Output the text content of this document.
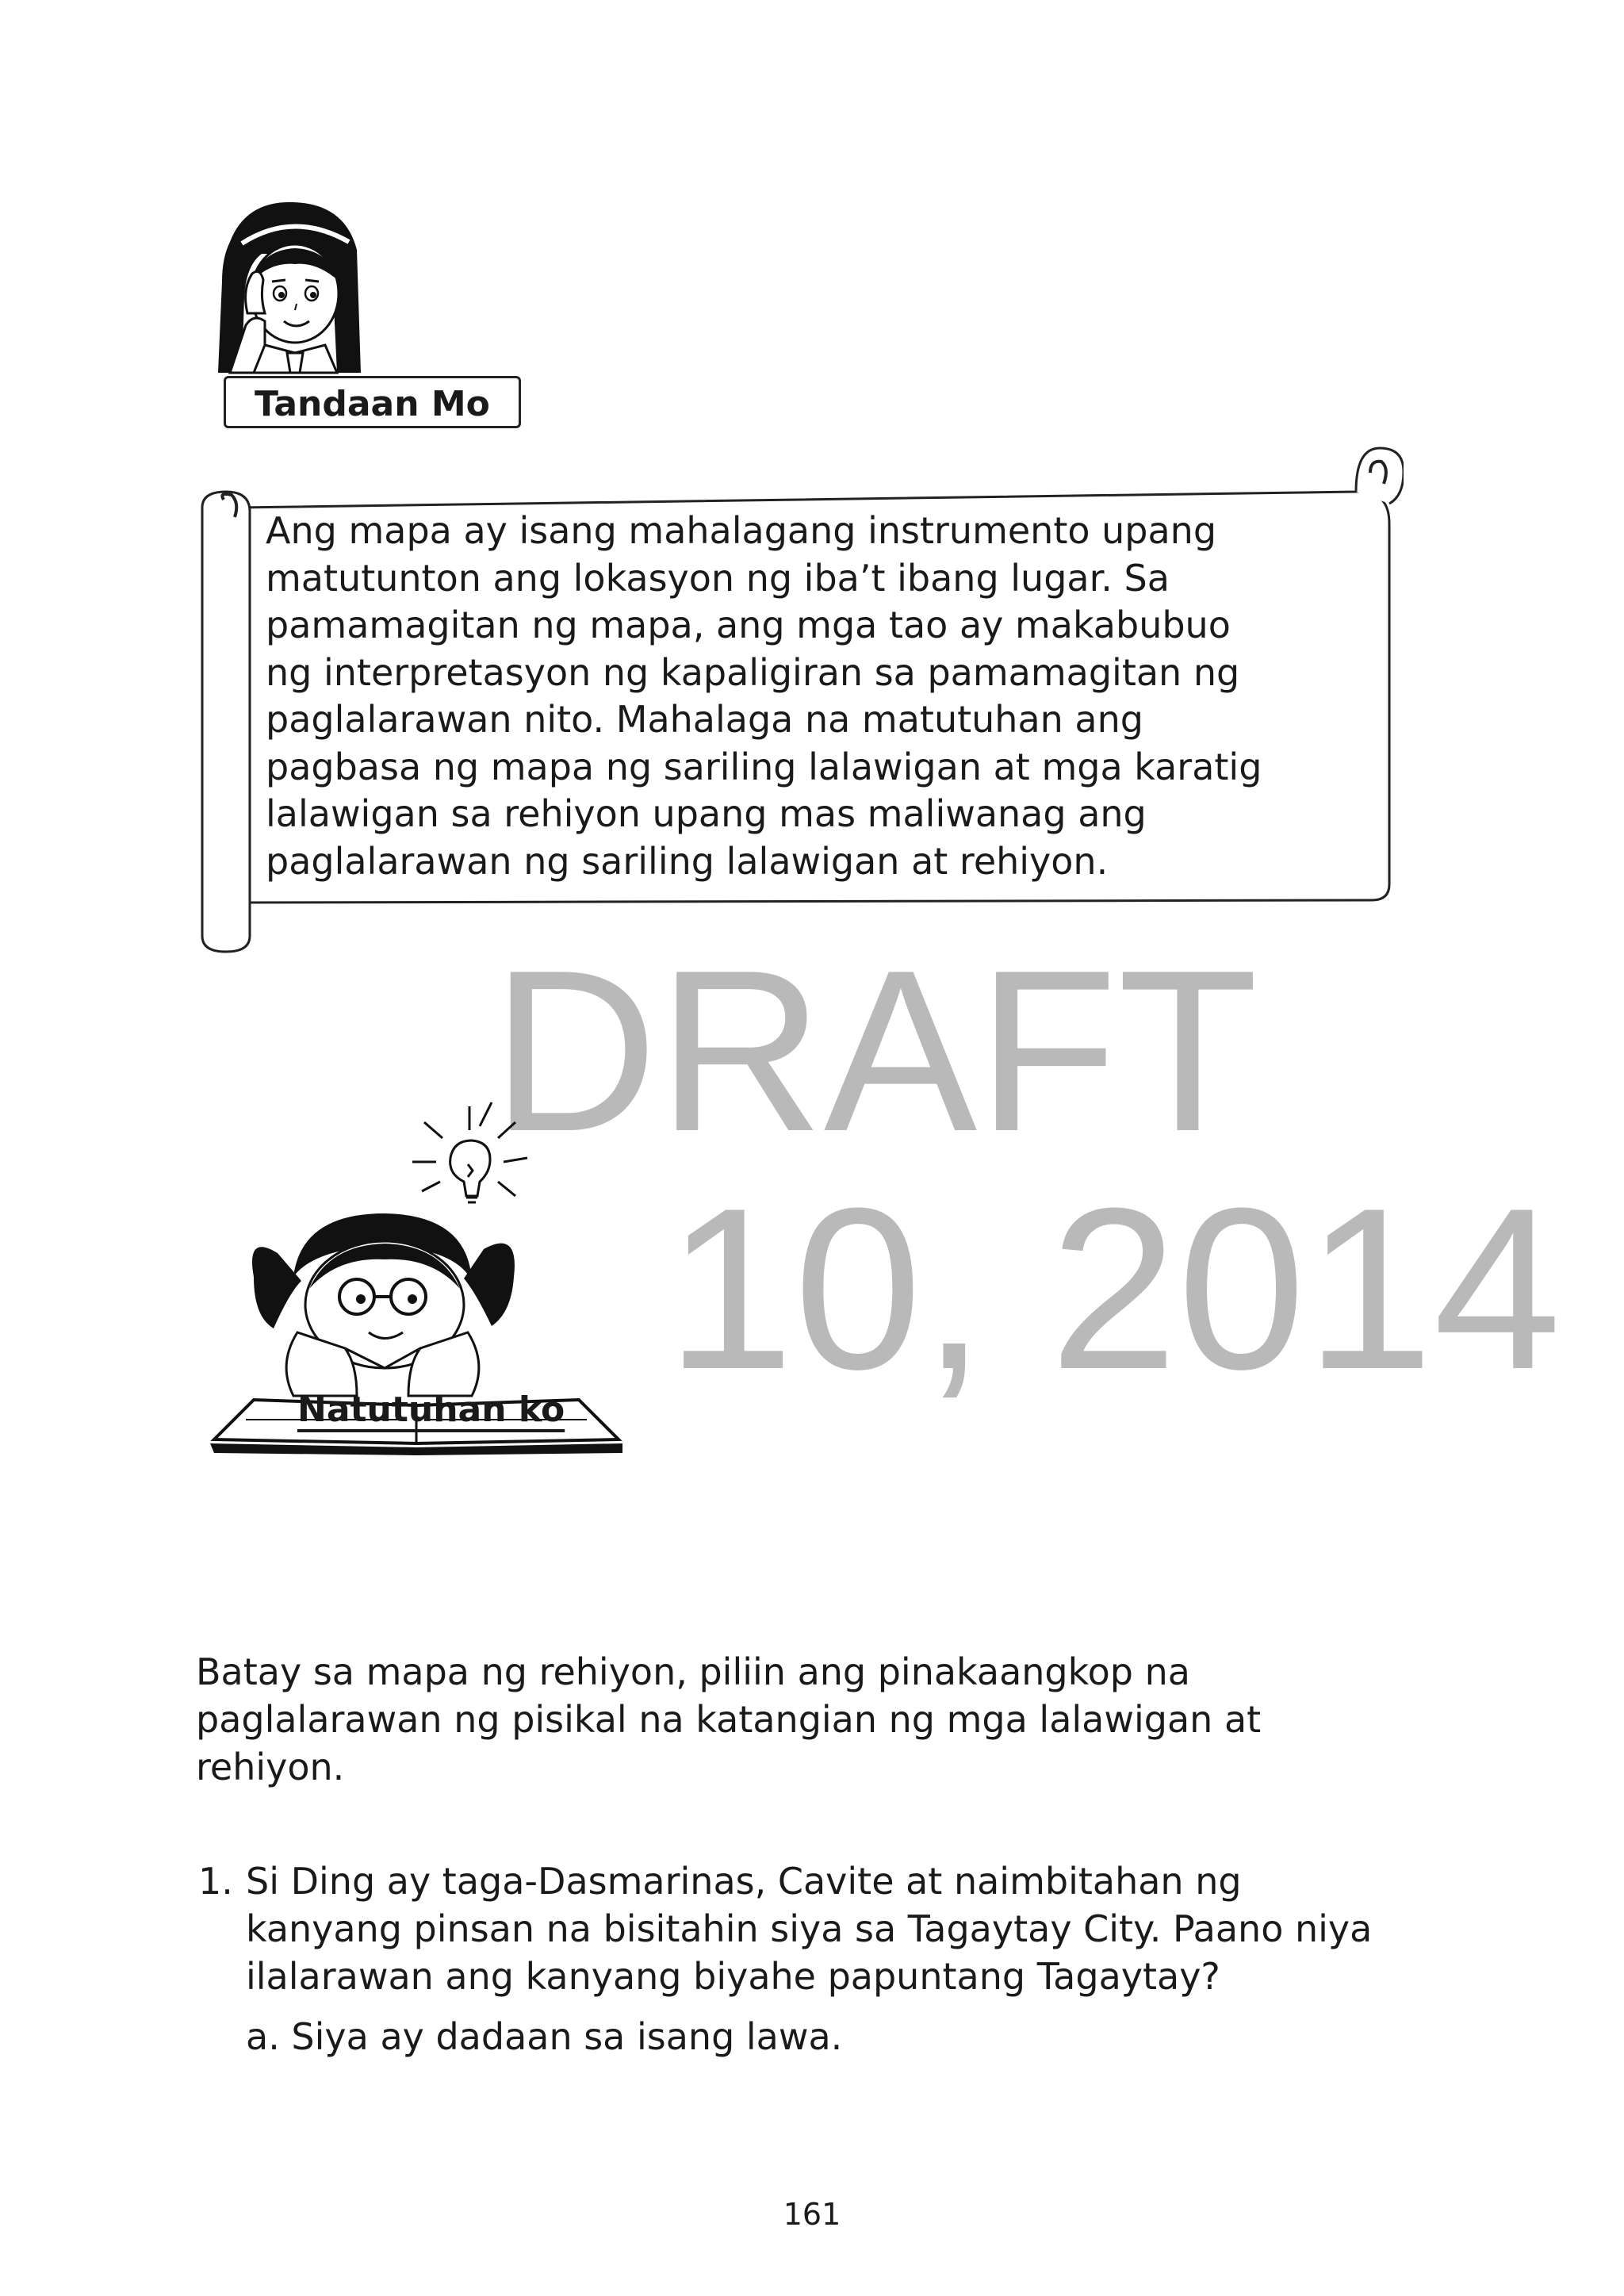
DRAFT
10, 2014
Tandaan Mo
Ang mapa ay isang mahalagang instrumento upang
matutunton ang lokasyon ng iba’t ibang lugar. Sa
pamamagitan ng mapa, ang mga tao ay makabubuo
ng interpretasyon ng kapaligiran sa pamamagitan ng
paglalarawan nito. Mahalaga na matutuhan ang
pagbasa ng mapa ng sariling lalawigan at mga karatig
lalawigan sa rehiyon upang mas maliwanag ang
paglalarawan ng sariling lalawigan at rehiyon.
Natutuhan ko
Batay sa mapa ng rehiyon, piliin ang pinakaangkop na
paglalarawan ng pisikal na katangian ng mga lalawigan at
rehiyon.
1. Si Ding ay taga-Dasmarinas, Cavite at naimbitahan ng
kanyang pinsan na bisitahin siya sa Tagaytay City. Paano niya
ilalarawan ang kanyang biyahe papuntang Tagaytay?
a. Siya ay dadaan sa isang lawa.
161
